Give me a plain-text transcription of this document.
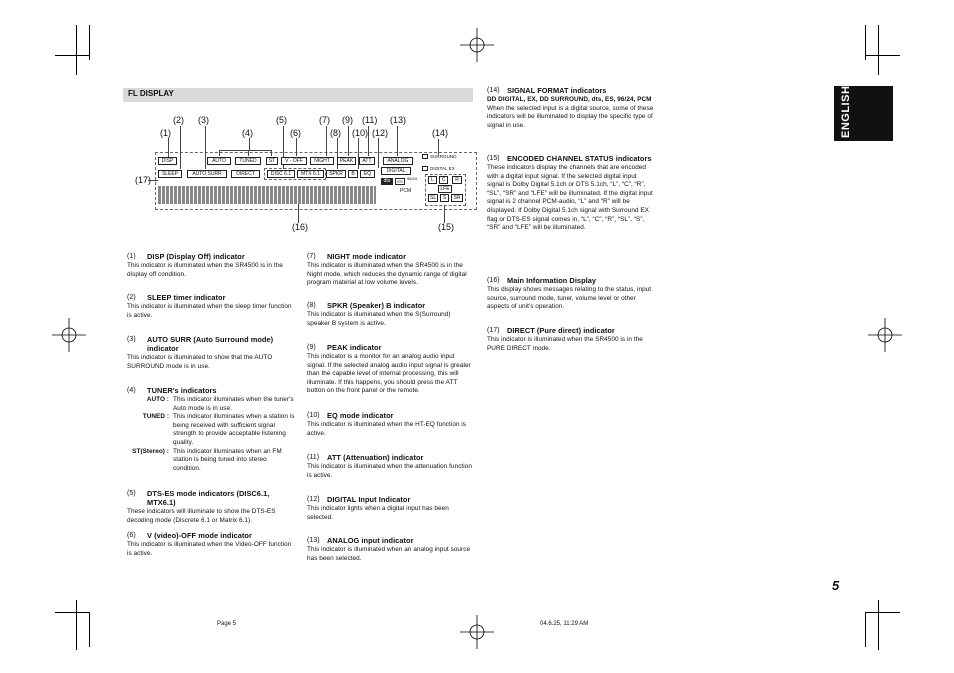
FL DISPLAY	ENGLISH
5
Page 5	04.6.25, 11:29 AM
(1)
(2) (3)
(4)
(5)
(6)
(7)
(8)
(9)
(10)
(11)
(12)
(13)
(14)
(15)
(16)
(17)
DISP	AUTO	TUNED	ST	V - OFF	NIGHT	PEAK	ATT	ANALOG
SLEEP	AUTO SURR	DIRECT	DISC 6.1	MTX 6.1	SPKR	B	EQ	DIGITAL
dts	ES
96/24
PCM
SURROUND
DIGITAL EX
L	C	R
LFE
SL	S	SR
(1)	DISP (Display Off) indicator

This indicator is illuminated when the SR4500 is in the display off condition.

(2)	SLEEP timer indicator

This indicator is illuminated when the sleep timer function is active.

(3)	AUTO SURR (Auto Surround mode) indicator

This indicator is illuminated to show that the AUTO SURROUND mode is in use.

(4)	TUNER's indicators
AUTO : This indicator illuminates when the tuner's Auto mode is in use.
TUNED : This indicator illuminates when a station is being received with sufficient signal strength to provide acceptable listening quality.
ST(Stereo) : This indicator illuminates when an FM station is being tuned into stereo condition.
(5)	DTS-ES mode indicators (DISC6.1, MTX6.1)

These indicators will illuminate to show the DTS-ES decoding mode (Discrete 6.1 or Matrix 6.1).

(6)	V (video)-OFF mode indicator

This indicator is illuminated when the Video-OFF function is active.

(7)	NIGHT mode indicator

This indicator is illuminated when the SR4500 is in the Night mode, which reduces the dynamic range of digital program material at low volume levels.

(8)	SPKR (Speaker) B indicator

This indicator is illuminated when the S(Surround) speaker B system is active.

(9)	PEAK indicator

This indicator is a monitor for an analog audio input signal. If the selected analog audio input signal is greater than the capable level of internal processing, this will illuminate. If this happens, you should press the ATT button on the front panel or the remote.

(10) EQ mode indicator

This indicator is illuminated when the HT-EQ function is active.

(11)	ATT (Attenuation) indicator

This indicator is illuminated when the attenuation function is active.

(12) DIGITAL Input Indicator

This indicator lights when a digital input has been selected.

(13) ANALOG input indicator

This indicator is illuminated when an analog input source has been selected.

(14) SIGNAL FORMAT indicators

DD DIGITAL, EX, DD SURROUND, dts, ES, 96/24, PCM

When the selected input is a digital source, some of these indicators will be illuminated to display the specific type of signal in use.

(15) ENCODED CHANNEL STATUS indicators

These indicators display the channels that are encoded with a digital input signal. If the selected digital input signal is Dolby Digital 5.1ch or DTS 5.1ch, “L”, “C”, “R”, “SL”, “SR” and “LFE” will be illuminated. If the digital input signal is 2 channel PCM-audio, “L” and “R” will be displayed. If Dolby Digital 5.1ch signal with Surround EX flag or DTS-ES signal comes in, “L”, “C”, “R”, “SL”, “S”, “SR” and “LFE” will be illuminated.

(16) Main Information Display

This display shows messages relating to the status, input source, surround mode, tuner, volume level or other aspects of unit's operation.

(17) DIRECT (Pure direct) indicator

This indicator is illuminated when the SR4500 is in the PURE DIRECT mode.
